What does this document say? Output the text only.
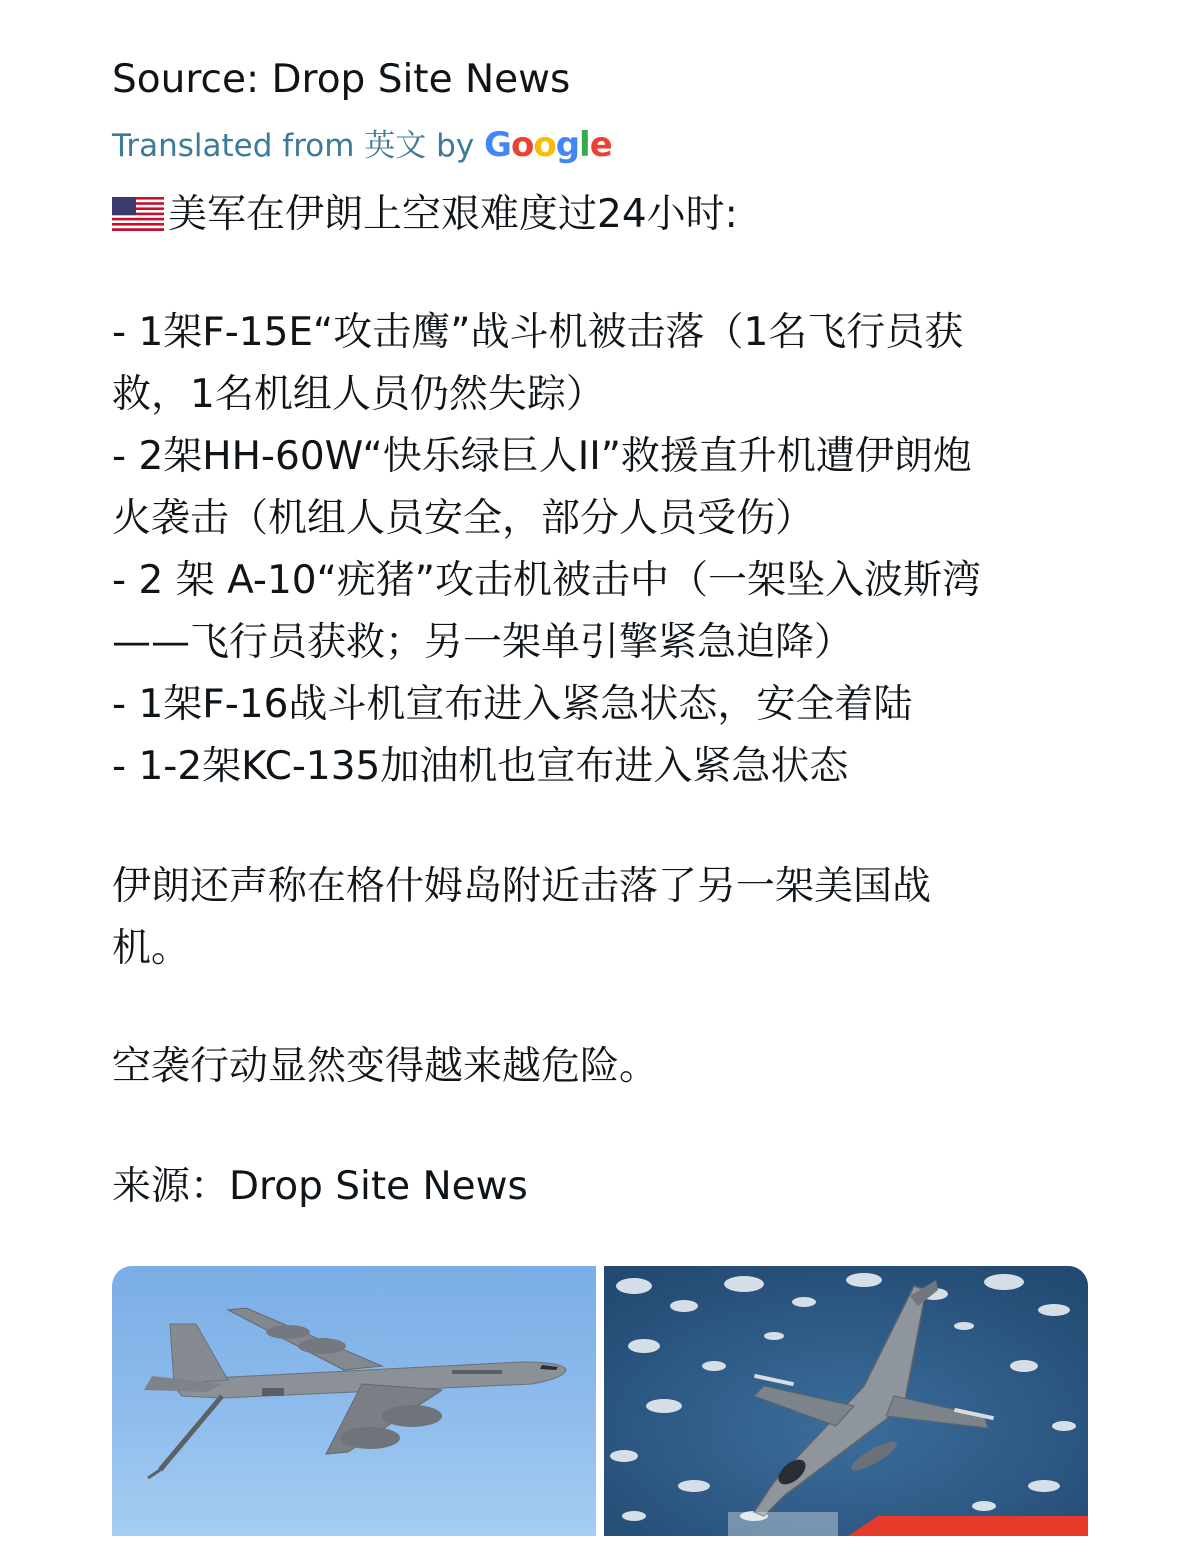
Source: Drop Site News
Translated from 英文 by Google
美军在伊朗上空艰难度过24小时:
- 1架F-15E“攻击鹰”战斗机被击落（1名飞行员获
救，1名机组人员仍然失踪）
- 2架HH-60W“快乐绿巨人II”救援直升机遭伊朗炮
火袭击（机组人员安全，部分人员受伤）
- 2 架 A-10“疣猪”攻击机被击中（一架坠入波斯湾
——飞行员获救；另一架单引擎紧急迫降）
- 1架F-16战斗机宣布进入紧急状态，安全着陆
- 1-2架KC-135加油机也宣布进入紧急状态
伊朗还声称在格什姆岛附近击落了另一架美国战
机。
空袭行动显然变得越来越危险。
来源：Drop Site News
